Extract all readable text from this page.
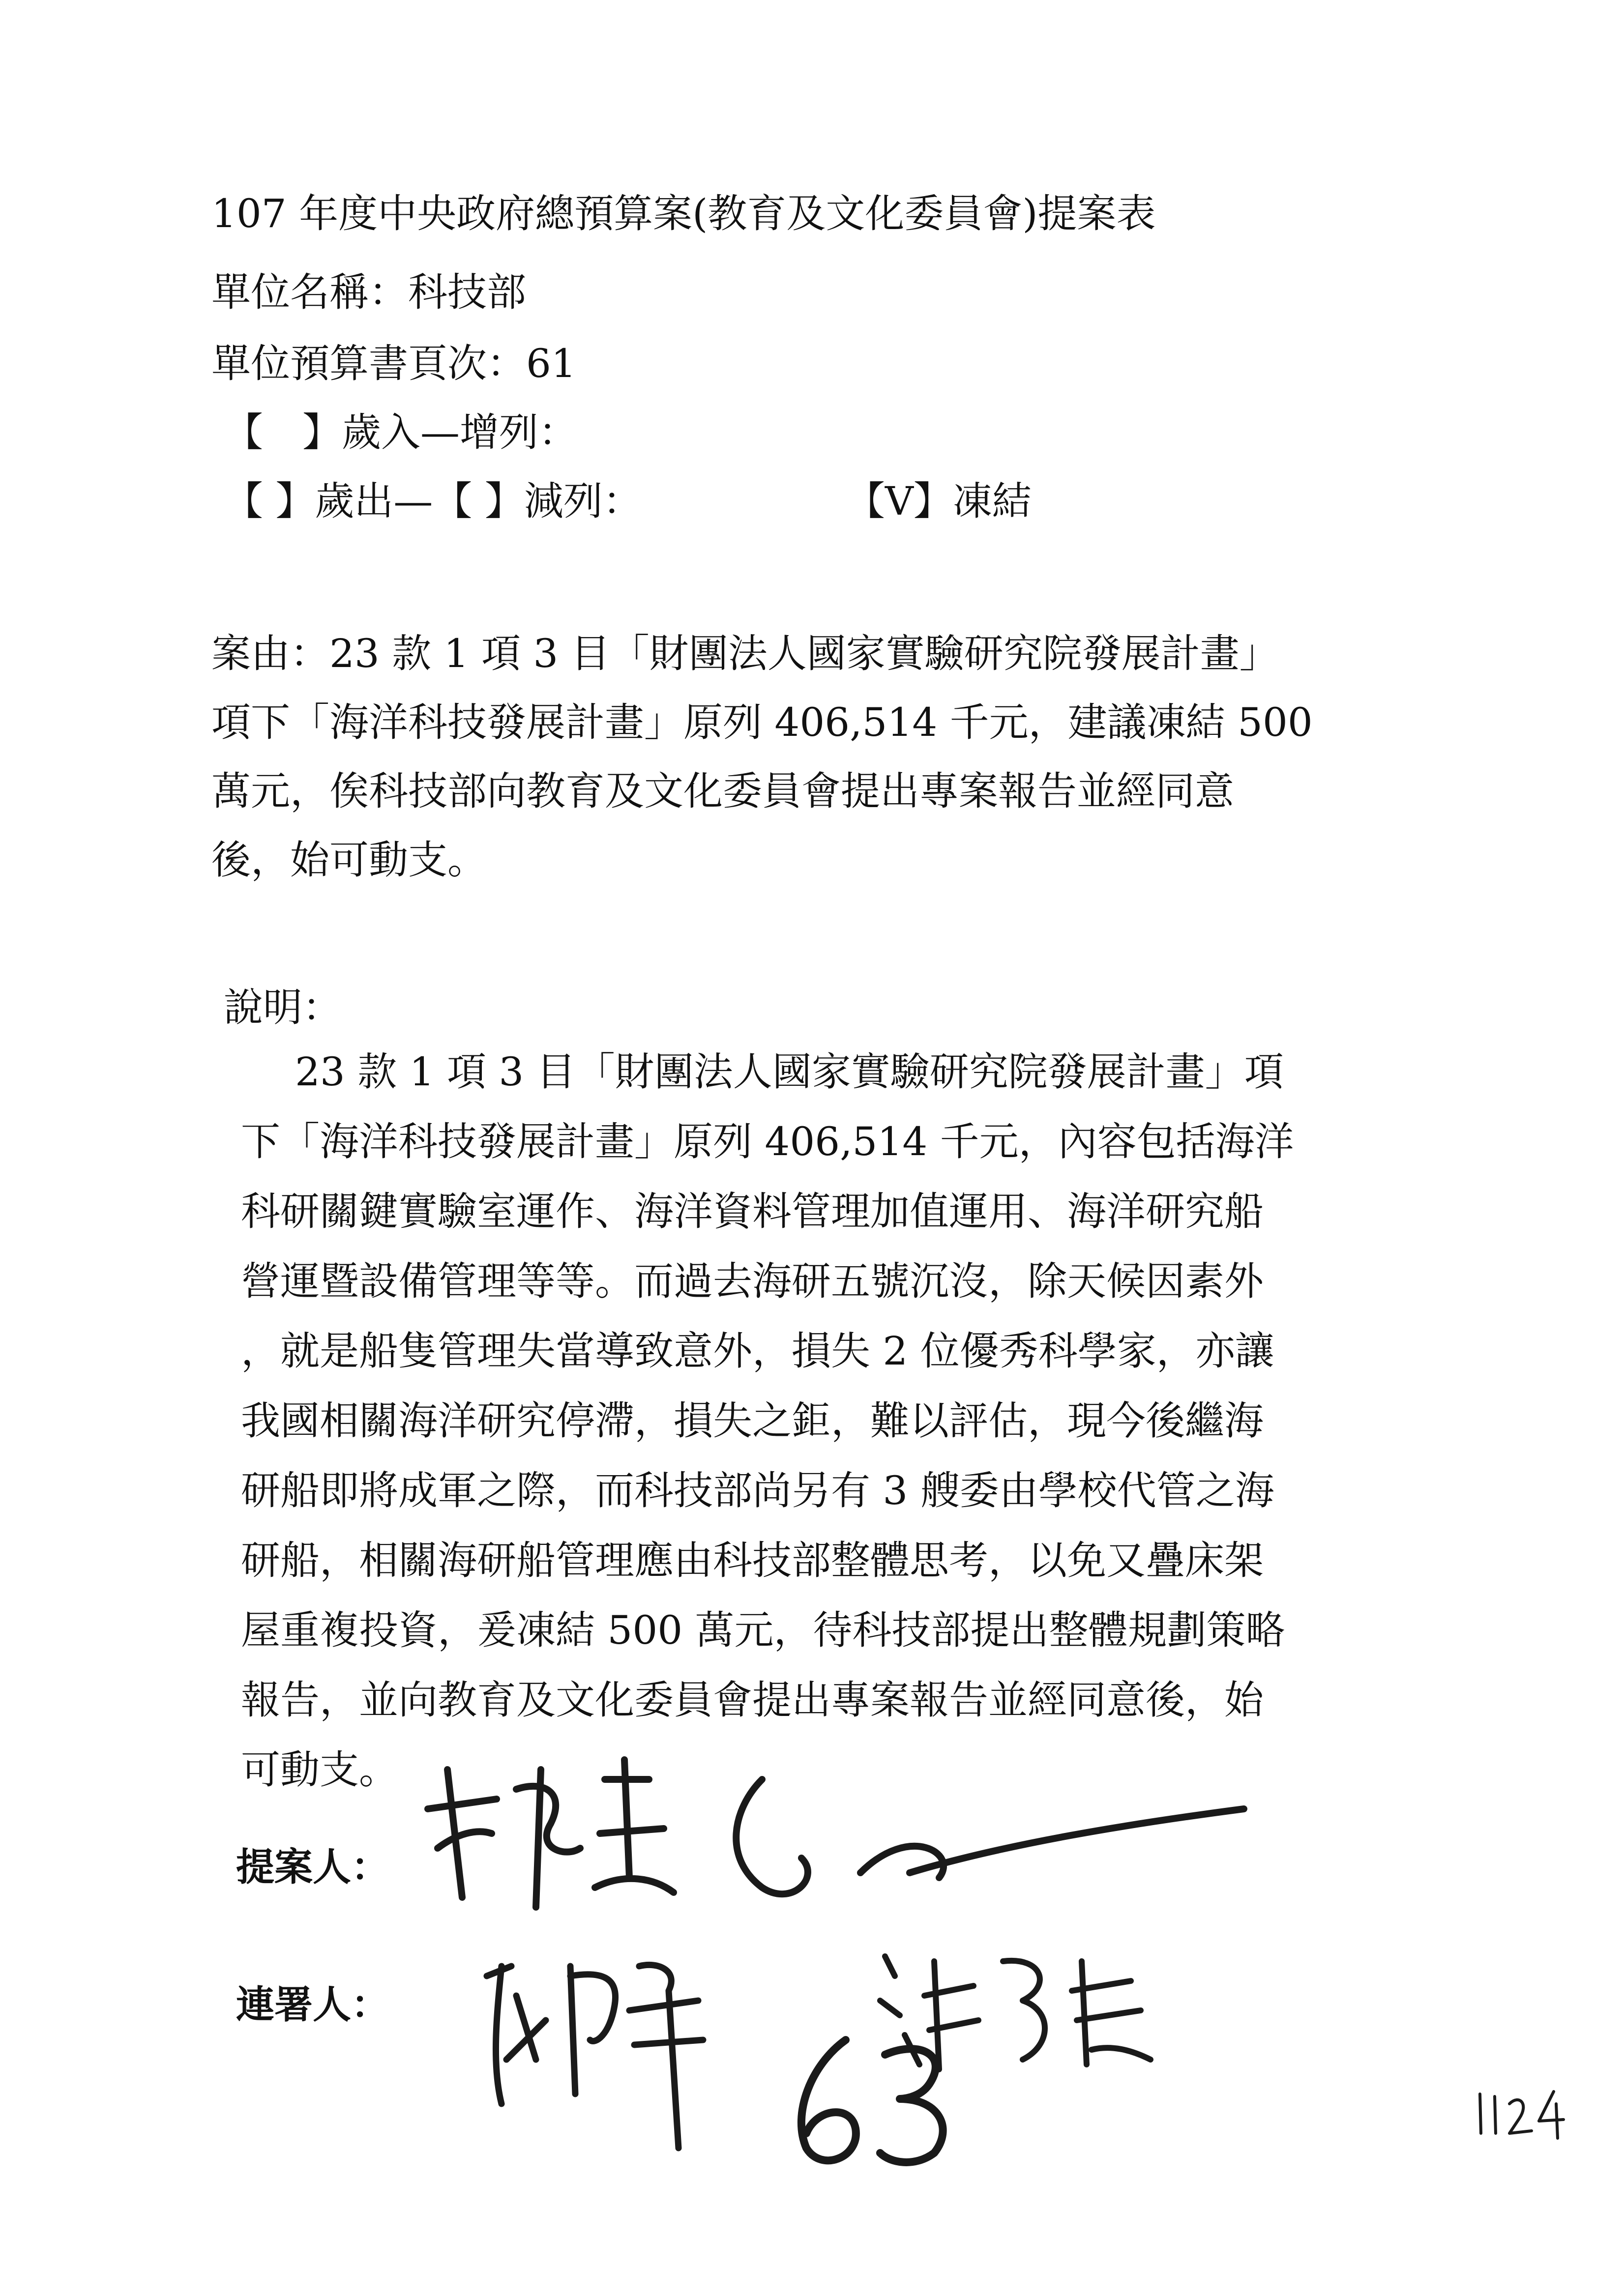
107 年度中央政府總預算案(教育及文化委員會)提案表
單位名稱：科技部
單位預算書頁次：61
【　】歲入—增列：
【 】歲出—【 】減列：	【V】凍結
案由：23 款 1 項 3 目「財團法人國家實驗研究院發展計畫」
項下「海洋科技發展計畫」原列 406,514 千元，建議凍結 500
萬元，俟科技部向教育及文化委員會提出專案報告並經同意
後，始可動支。
說明：
23 款 1 項 3 目「財團法人國家實驗研究院發展計畫」項
下「海洋科技發展計畫」原列 406,514 千元，內容包括海洋
科研關鍵實驗室運作、海洋資料管理加值運用、海洋研究船
營運暨設備管理等等。而過去海研五號沉沒，除天候因素外
，就是船隻管理失當導致意外，損失 2 位優秀科學家，亦讓
我國相關海洋研究停滯，損失之鉅，難以評估，現今後繼海
研船即將成軍之際，而科技部尚另有 3 艘委由學校代管之海
研船，相關海研船管理應由科技部整體思考，以免又疊床架
屋重複投資，爰凍結 500 萬元，待科技部提出整體規劃策略
報告，並向教育及文化委員會提出專案報告並經同意後，始
可動支。
提案人：
連署人：
